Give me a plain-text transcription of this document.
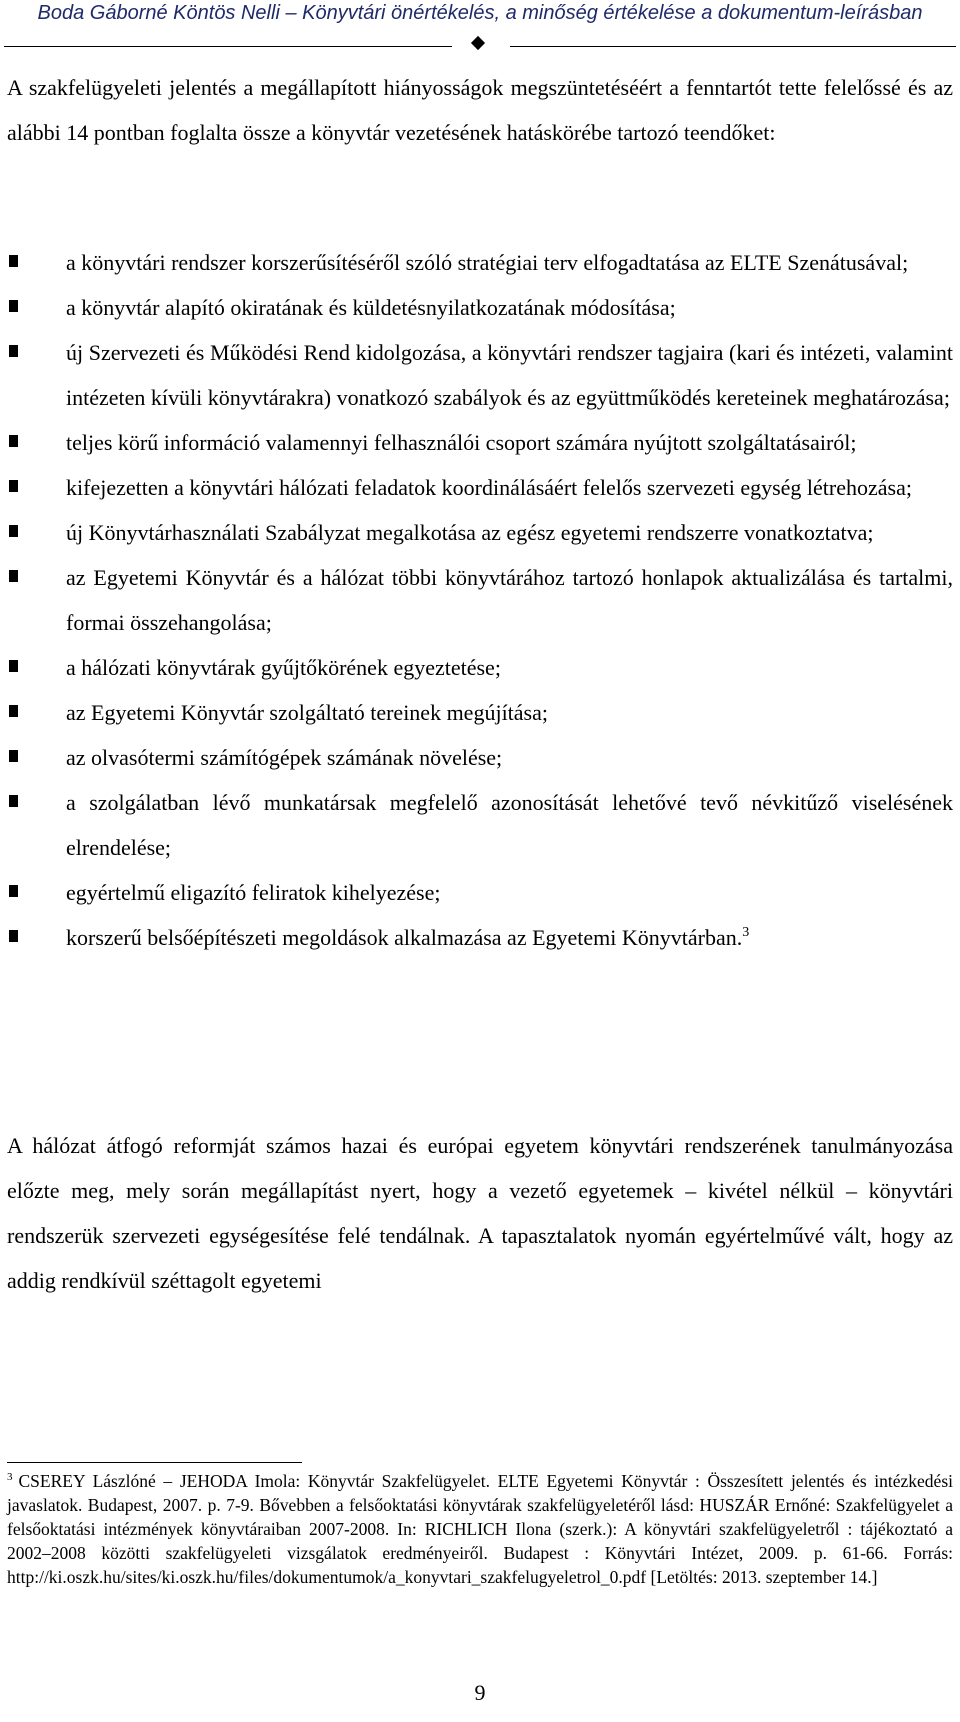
Boda Gáborné Köntös Nelli – Könyvtári önértékelés, a minőség értékelése a dokumentum-leírásban

A szakfelügyeleti jelentés a megállapított hiányosságok megszüntetéséért a fenntartót tette felelőssé és az alábbi 14 pontban foglalta össze a könyvtár vezetésének hatáskörébe tartozó teendőket:

a könyvtári rendszer korszerűsítéséről szóló stratégiai terv elfogadtatása az ELTE Szenátusával;
a könyvtár alapító okiratának és küldetésnyilatkozatának módosítása;
új Szervezeti és Működési Rend kidolgozása, a könyvtári rendszer tagjaira (kari és intézeti, valamint intézeten kívüli könyvtárakra) vonatkozó szabályok és az együttműködés kereteinek meghatározása;
teljes körű információ valamennyi felhasználói csoport számára nyújtott szolgáltatásairól;
kifejezetten a könyvtári hálózati feladatok koordinálásáért felelős szervezeti egység létrehozása;
új Könyvtárhasználati Szabályzat megalkotása az egész egyetemi rendszerre vonatkoztatva;
az Egyetemi Könyvtár és a hálózat többi könyvtárához tartozó honlapok aktualizálása és tartalmi, formai összehangolása;
a hálózati könyvtárak gyűjtőkörének egyeztetése;
az Egyetemi Könyvtár szolgáltató tereinek megújítása;
az olvasótermi számítógépek számának növelése;
a szolgálatban lévő munkatársak megfelelő azonosítását lehetővé tevő névkitűző viselésének elrendelése;
egyértelmű eligazító feliratok kihelyezése;
korszerű belsőépítészeti megoldások alkalmazása az Egyetemi Könyvtárban.$^3$

A hálózat átfogó reformját számos hazai és európai egyetem könyvtári rendszerének tanulmányozása előzte meg, mely során megállapítást nyert, hogy a vezető egyetemek – kivétel nélkül – könyvtári rendszerük szervezeti egységesítése felé tendálnak. A tapasztalatok nyomán egyértelművé vált, hogy az addig rendkívül széttagolt egyetemi

$^3$ CSEREY Lászlóné – JEHODA Imola: Könyvtár Szakfelügyelet. ELTE Egyetemi Könyvtár : Összesített jelentés és intézkedési javaslatok. Budapest, 2007. p. 7-9. Bővebben a felsőoktatási könyvtárak szakfelügyeletéről lásd: HUSZÁR Ernőné: Szakfelügyelet a felsőoktatási intézmények könyvtáraiban 2007-2008. In: RICHLICH Ilona (szerk.): A könyvtári szakfelügyeletről : tájékoztató a 2002–2008 közötti szakfelügyeleti vizsgálatok eredményeiről. Budapest : Könyvtári Intézet, 2009. p. 61-66. Forrás: http://ki.oszk.hu/sites/ki.oszk.hu/files/dokumentumok/a_konyvtari_szakfelugyeletrol_0.pdf [Letöltés: 2013. szeptember 14.]
9
